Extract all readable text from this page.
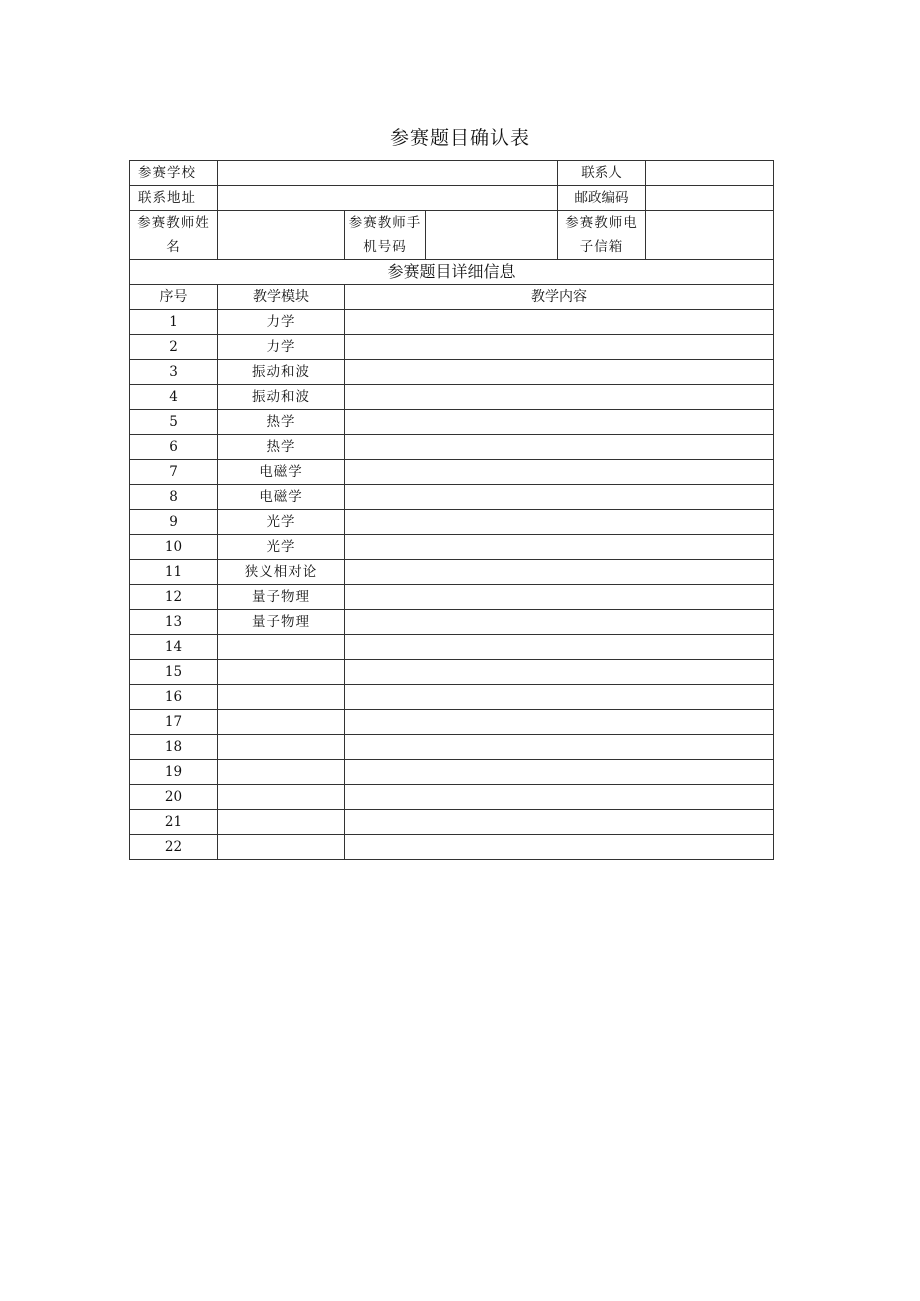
参赛题目确认表
参赛学校				联系人	
联系地址				邮政编码	
参赛教师姓名		参赛教师手机号码		参赛教师电子信箱	
参赛题目详细信息					
序号	教学模块	教学内容			
1	力学				
2	力学				
3	振动和波				
4	振动和波				
5	热学				
6	热学				
7	电磁学				
8	电磁学				
9	光学				
10	光学				
11	狭义相对论				
12	量子物理				
13	量子物理				
14					
15					
16					
17					
18					
19					
20					
21					
22					
